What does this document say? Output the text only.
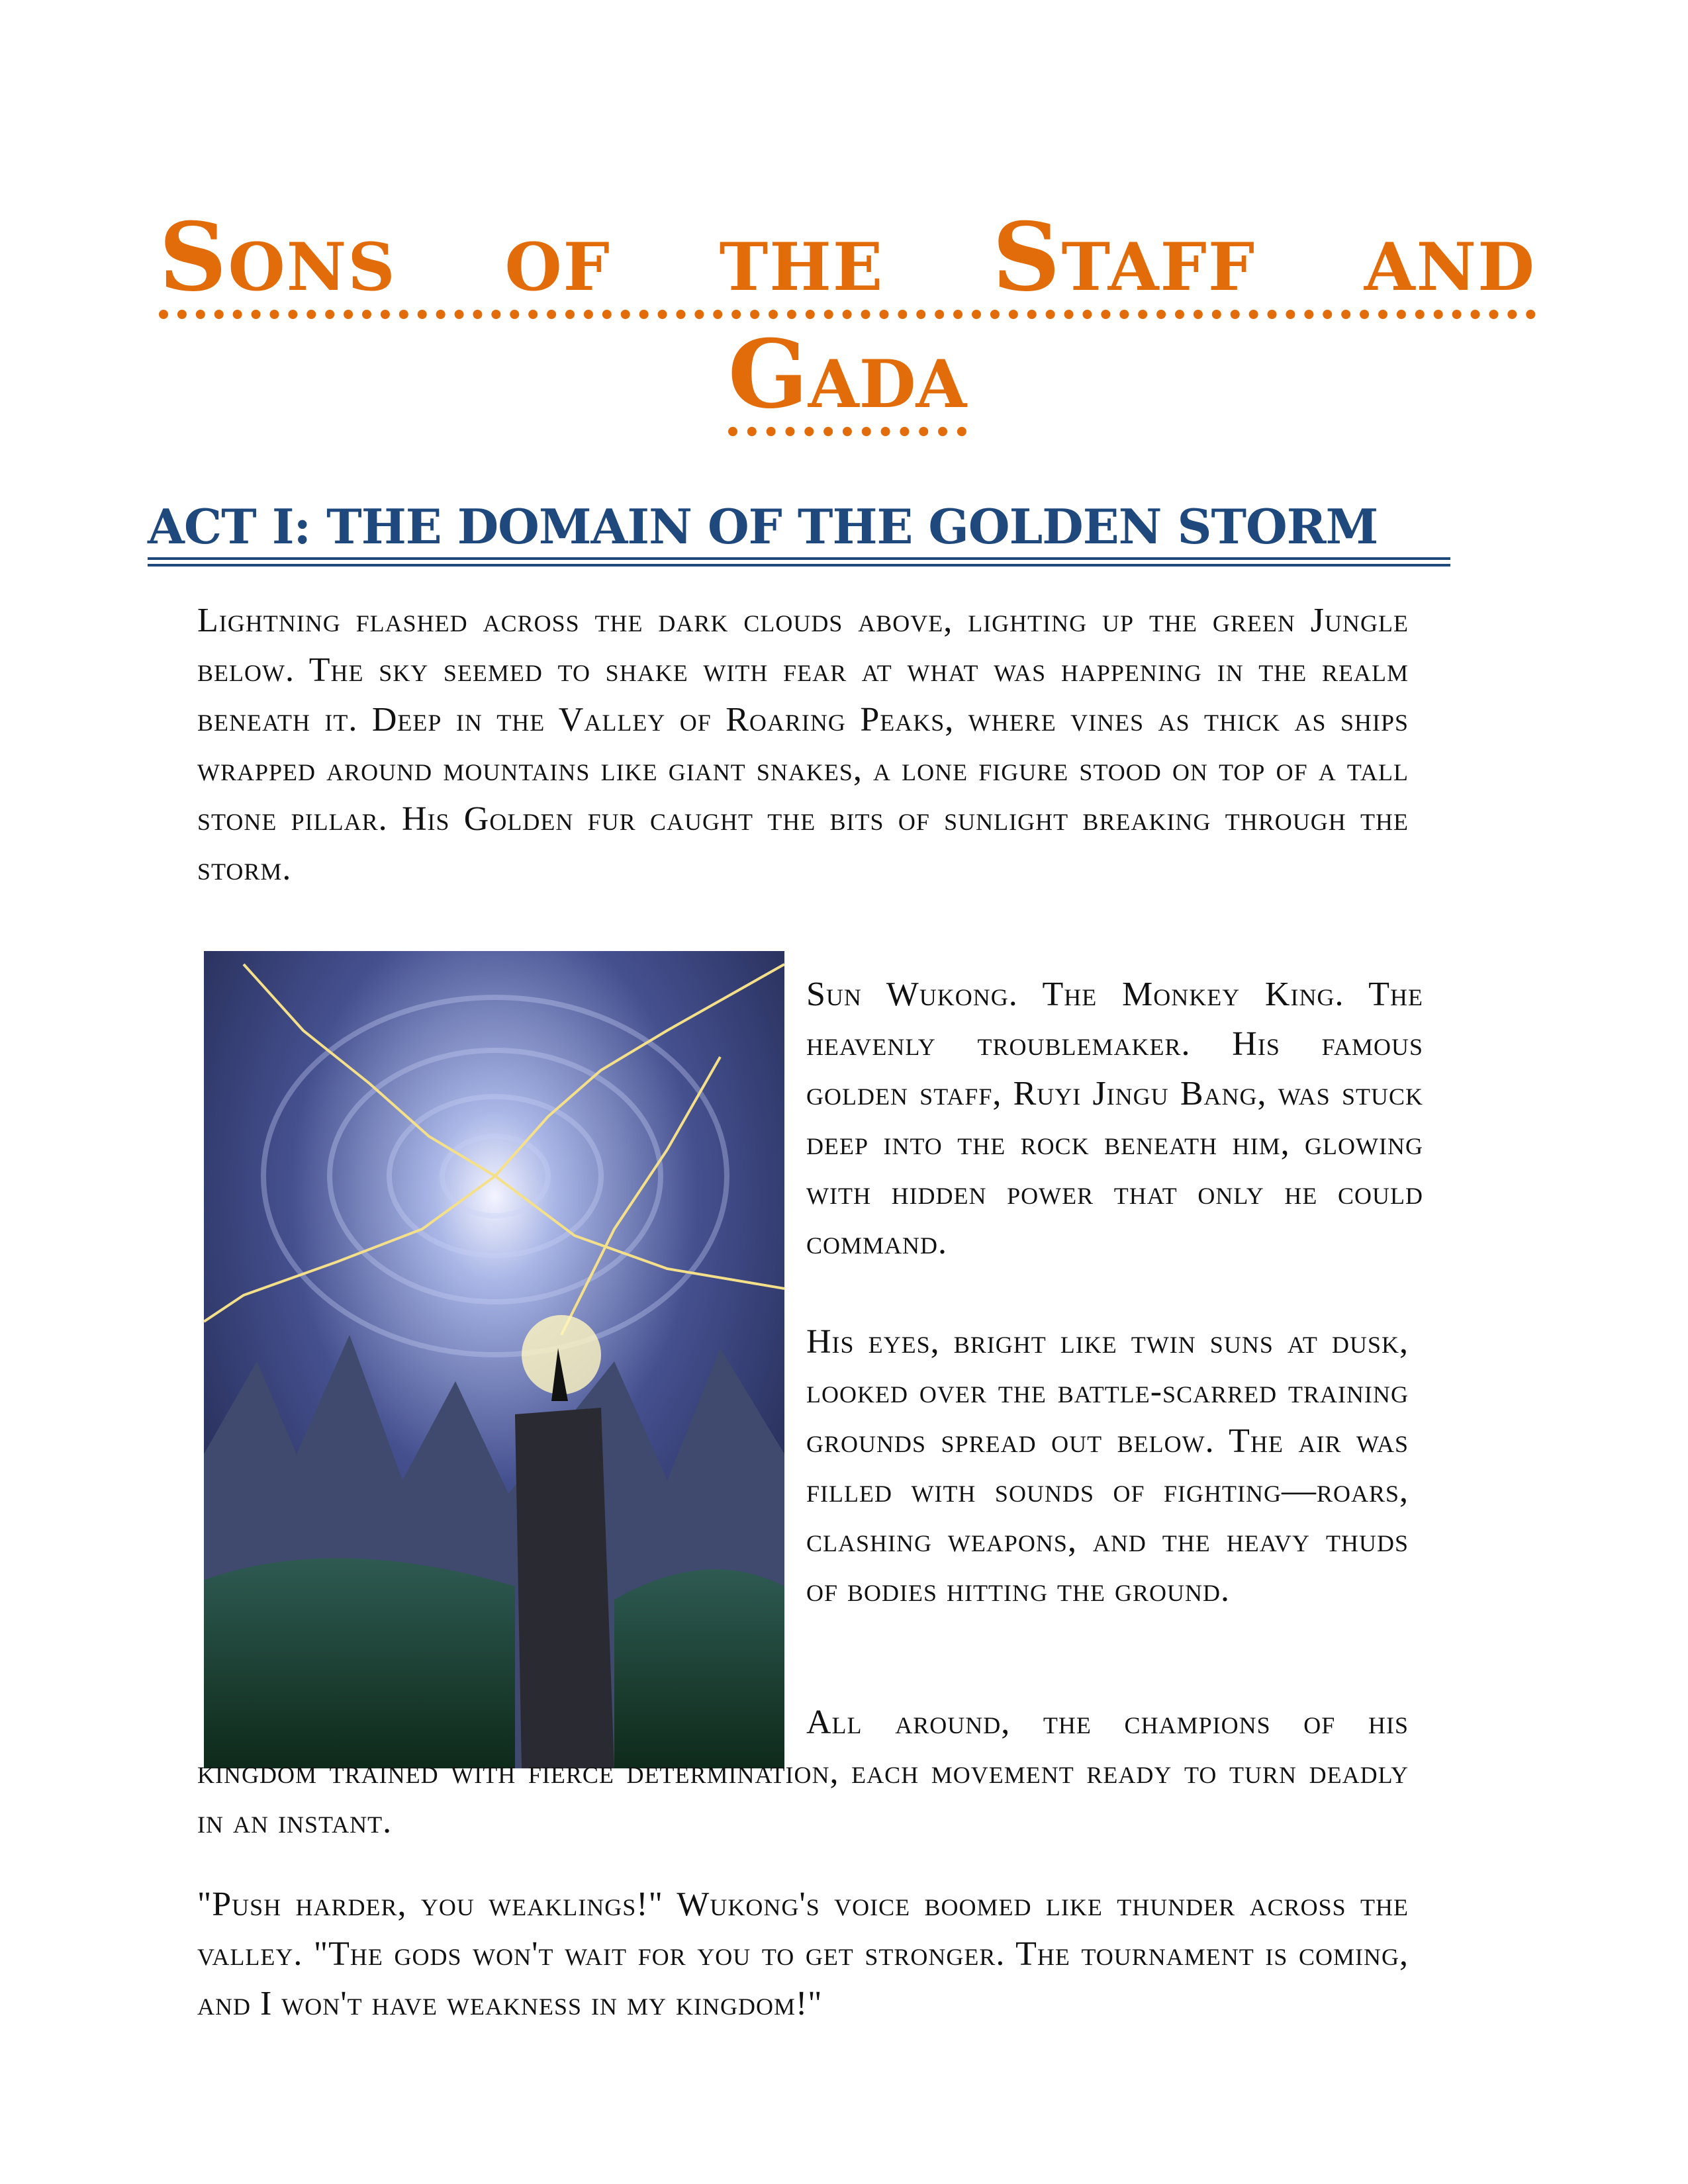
Sons of the Staff and
Gada
ACT I: THE DOMAIN OF THE GOLDEN STORM

Lightning flashed across the dark clouds above, lighting up the green Jungle below. The sky seemed to shake with fear at what was happening in the realm beneath it. Deep in the Valley of Roaring Peaks, where vines as thick as ships wrapped around mountains like giant snakes, a lone figure stood on top of a tall stone pillar. His Golden fur caught the bits of sunlight breaking through the storm.

Sun Wukong. The Monkey King. The heavenly troublemaker. His famous golden staff, Ruyi Jingu Bang, was stuck deep into the rock beneath him, glowing with hidden power that only he could command.

His eyes, bright like twin suns at dusk, looked over the battle-scarred training grounds spread out below. The air was filled with sounds of fighting—roars, clashing weapons, and the heavy thuds of bodies hitting the ground.

All around, the champions of his kingdom trained with fierce determination, each movement ready to turn deadly in an instant.

"Push harder, you weaklings!" Wukong's voice boomed like thunder across the valley. "The gods won't wait for you to get stronger. The tournament is coming, and I won't have weakness in my kingdom!"
